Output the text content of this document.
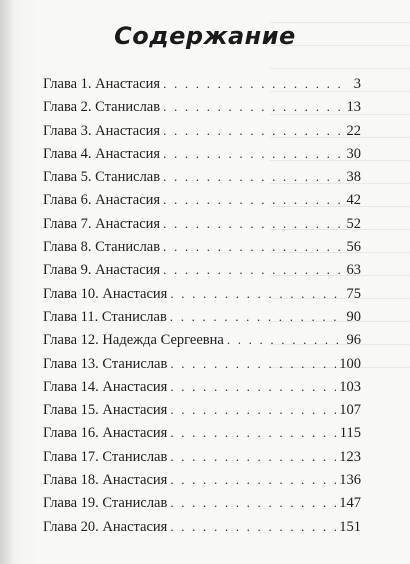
Содержание
Глава 1. Анастасия . . .	3
Глава 2. Станислав . . .	13
Глава 3. Анастасия . . .	22
Глава 4. Анастасия . . .	30
Глава 5. Станислав . . .	38
Глава 6. Анастасия . . .	42
Глава 7. Анастасия . . .	52
Глава 8. Станислав . . .	56
Глава 9. Анастасия . . .	63
Глава 10. Анастасия . . .	75
Глава 11. Станислав . . .	90
Глава 12. Надежда Сергеевна . . .	96
Глава 13. Станислав . . .	100
Глава 14. Анастасия . . .	103
Глава 15. Анастасия . . .	107
Глава 16. Анастасия . . .	115
Глава 17. Станислав . . .	123
Глава 18. Анастасия . . .	136
Глава 19. Станислав . . .	147
Глава 20. Анастасия . . .	151
